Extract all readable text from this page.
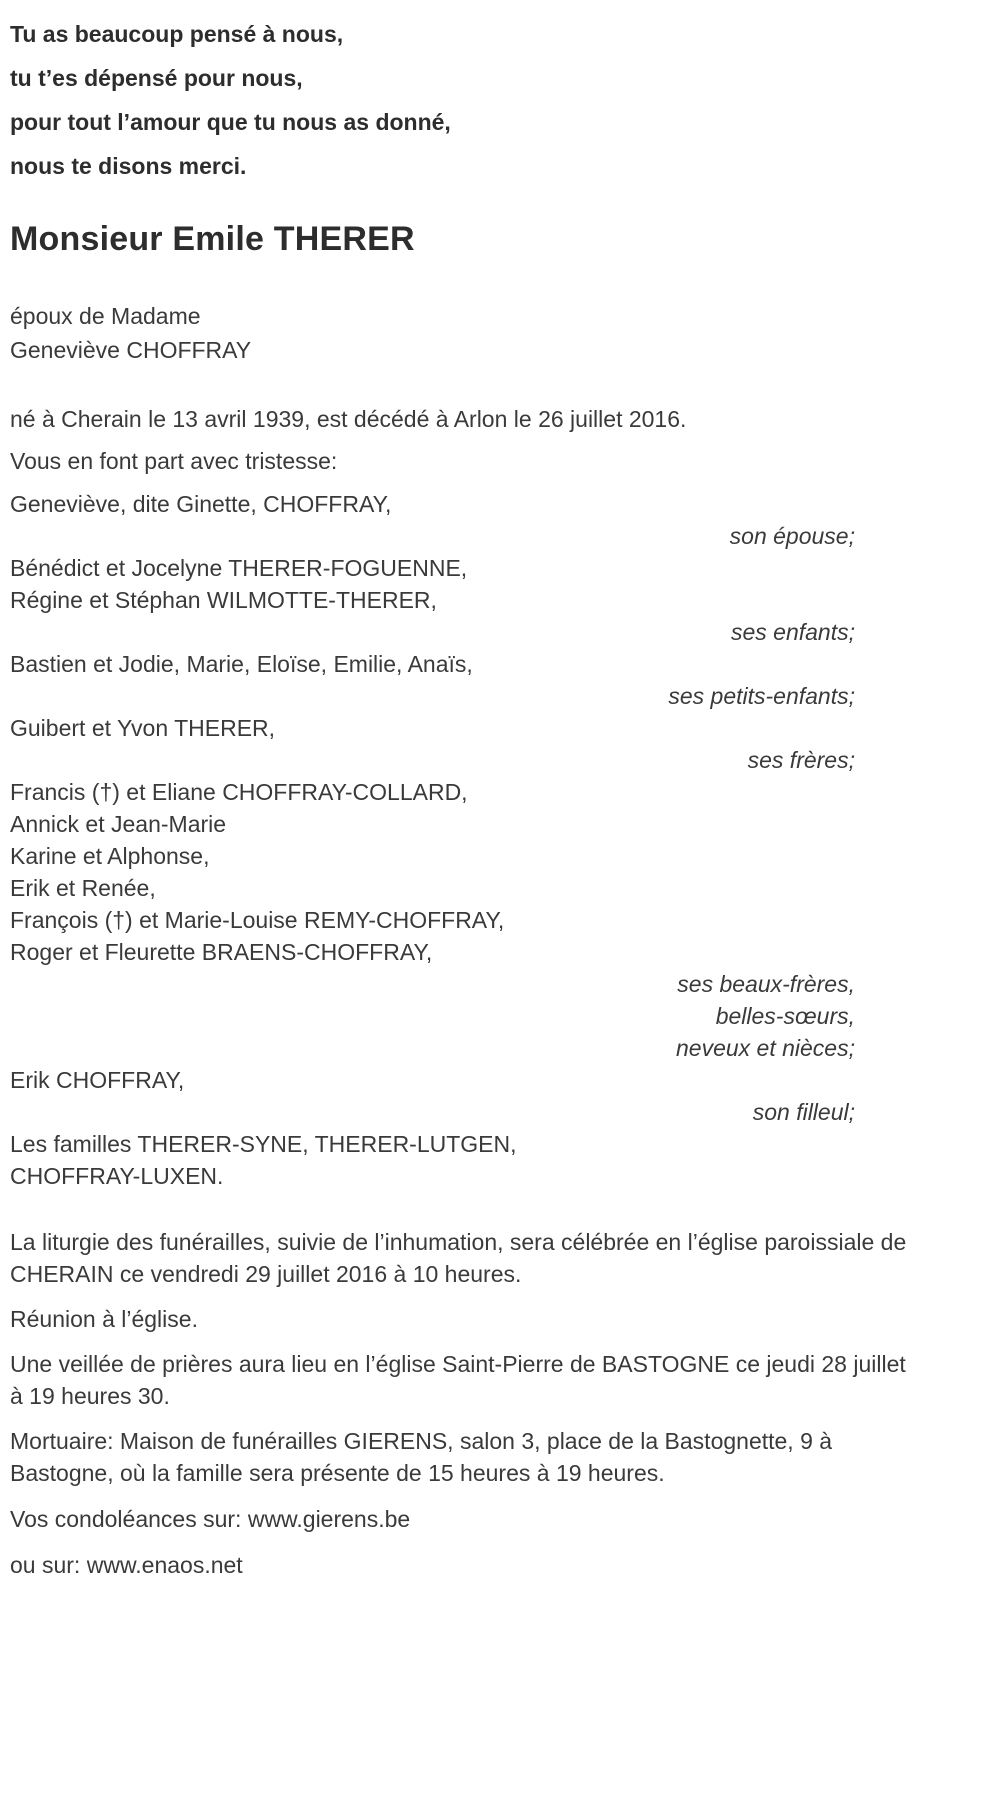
Tu as beaucoup pensé à nous,
tu t’es dépensé pour nous,
pour tout l’amour que tu nous as donné,
nous te disons merci.
Monsieur Emile THERER
époux de Madame
Geneviève CHOFFRAY
né à Cherain le 13 avril 1939, est décédé à Arlon le 26 juillet 2016.
Vous en font part avec tristesse:
Geneviève, dite Ginette, CHOFFRAY,
son épouse;
Bénédict et Jocelyne THERER-FOGUENNE,
Régine et Stéphan WILMOTTE-THERER,
ses enfants;
Bastien et Jodie, Marie, Eloïse, Emilie, Anaïs,
ses petits-enfants;
Guibert et Yvon THERER,
ses frères;
Francis (†) et Eliane CHOFFRAY-COLLARD,
Annick et Jean-Marie
Karine et Alphonse,
Erik et Renée,
François (†) et Marie-Louise REMY-CHOFFRAY,
Roger et Fleurette BRAENS-CHOFFRAY,
ses beaux-frères,
belles-sœurs,
neveux et nièces;
Erik CHOFFRAY,
son filleul;
Les familles THERER-SYNE, THERER-LUTGEN,
CHOFFRAY-LUXEN.

La liturgie des funérailles, suivie de l’inhumation, sera célébrée en l’église paroissiale de CHERAIN ce vendredi 29 juillet 2016 à 10 heures.

Réunion à l’église.

Une veillée de prières aura lieu en l’église Saint-Pierre de BASTOGNE ce jeudi 28 juillet à 19 heures 30.

Mortuaire: Maison de funérailles GIERENS, salon 3, place de la Bastognette, 9 à Bastogne, où la famille sera présente de 15 heures à 19 heures.

Vos condoléances sur: www.gierens.be
ou sur: www.enaos.net
